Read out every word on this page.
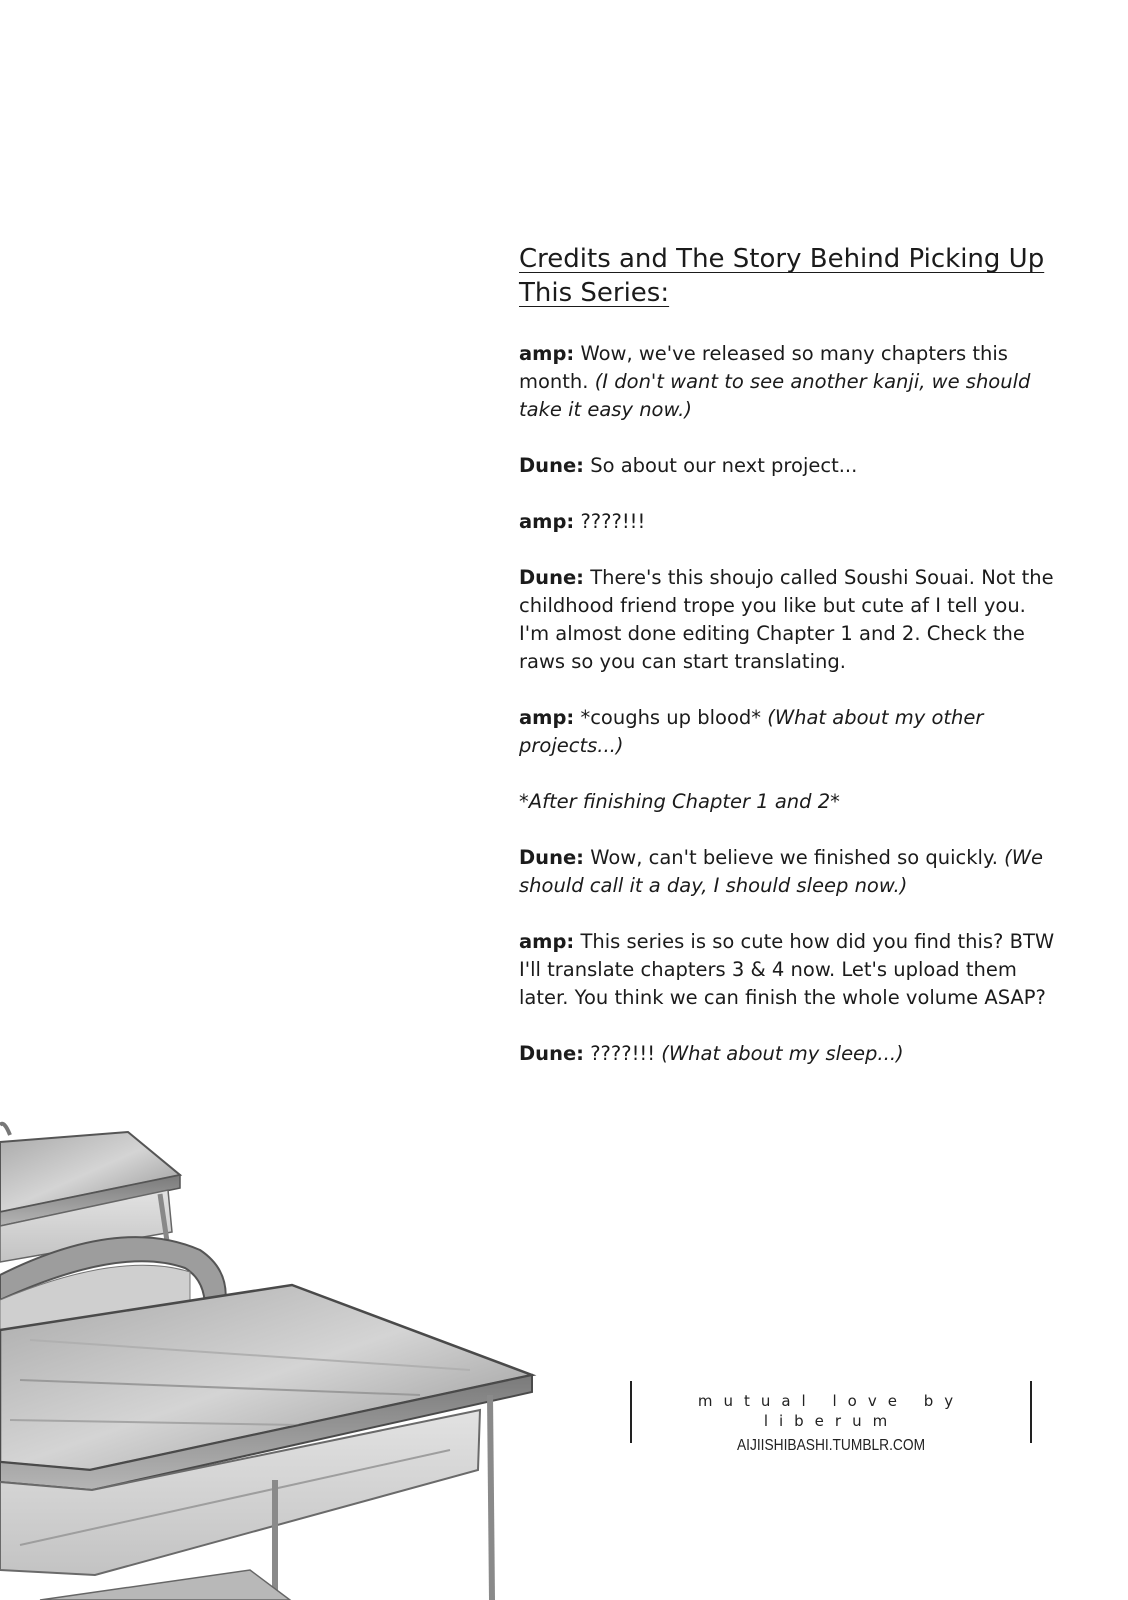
Credits and The Story Behind Picking Up This Series:
amp: Wow, we've released so many chapters this month. (I don't want to see another kanji, we should take it easy now.)
Dune: So about our next project...
amp: ????!!!
Dune: There's this shoujo called Soushi Souai. Not the childhood friend trope you like but cute af I tell you. I'm almost done editing Chapter 1 and 2. Check the raws so you can start translating.
amp: *coughs up blood* (What about my other projects...)
*After finishing Chapter 1 and 2*
Dune: Wow, can't believe we finished so quickly. (We should call it a day, I should sleep now.)
amp: This series is so cute how did you find this? BTW I'll translate chapters 3 & 4 now. Let's upload them later. You think we can finish the whole volume ASAP?
Dune: ????!!! (What about my sleep...)
mutual love by liberum
AIJIISHIBASHI.TUMBLR.COM
